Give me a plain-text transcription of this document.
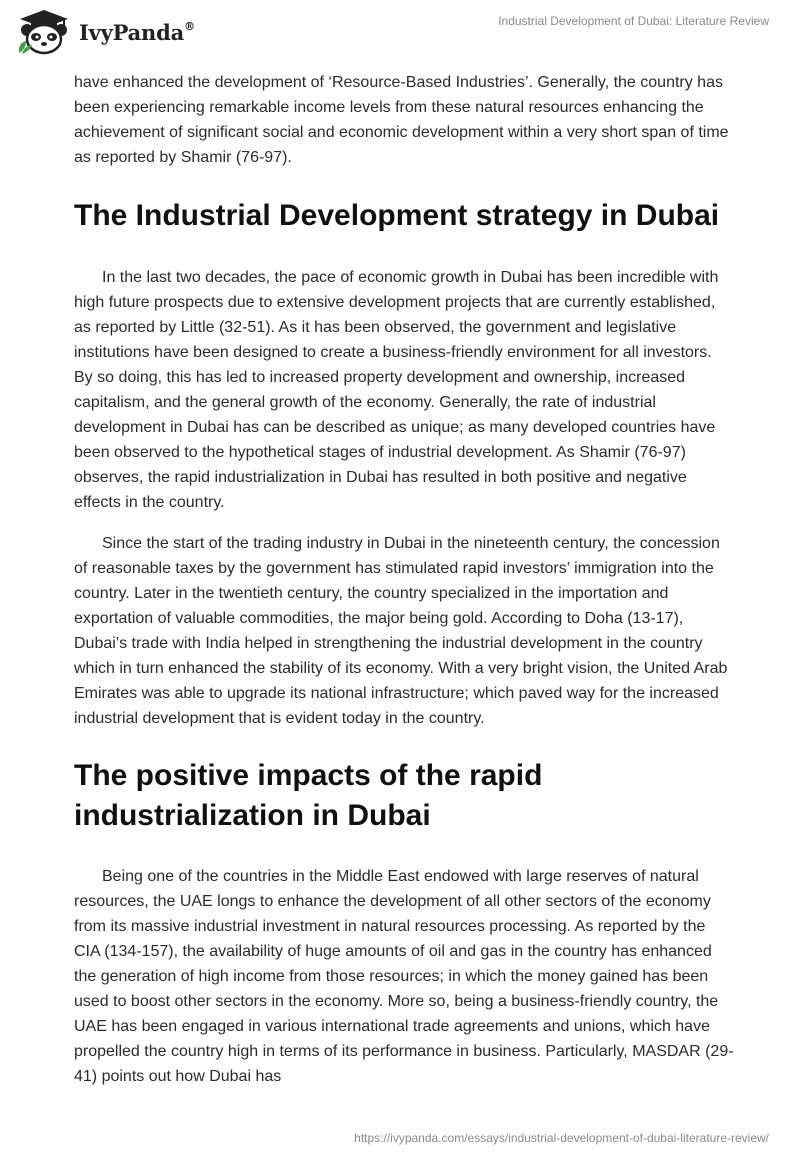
IvyPanda®	Industrial Development of Dubai: Literature Review

have enhanced the development of ‘Resource-Based Industries’. Generally, the country has been experiencing remarkable income levels from these natural resources enhancing the achievement of significant social and economic development within a very short span of time as reported by Shamir (76-97).

The Industrial Development strategy in Dubai

In the last two decades, the pace of economic growth in Dubai has been incredible with high future prospects due to extensive development projects that are currently established, as reported by Little (32-51). As it has been observed, the government and legislative institutions have been designed to create a business-friendly environment for all investors. By so doing, this has led to increased property development and ownership, increased capitalism, and the general growth of the economy. Generally, the rate of industrial development in Dubai has can be described as unique; as many developed countries have been observed to the hypothetical stages of industrial development. As Shamir (76-97) observes, the rapid industrialization in Dubai has resulted in both positive and negative effects in the country.

Since the start of the trading industry in Dubai in the nineteenth century, the concession of reasonable taxes by the government has stimulated rapid investors’ immigration into the country. Later in the twentieth century, the country specialized in the importation and exportation of valuable commodities, the major being gold. According to Doha (13-17), Dubai’s trade with India helped in strengthening the industrial development in the country which in turn enhanced the stability of its economy. With a very bright vision, the United Arab Emirates was able to upgrade its national infrastructure; which paved way for the increased industrial development that is evident today in the country.

The positive impacts of the rapid industrialization in Dubai

Being one of the countries in the Middle East endowed with large reserves of natural resources, the UAE longs to enhance the development of all other sectors of the economy from its massive industrial investment in natural resources processing. As reported by the CIA (134-157), the availability of huge amounts of oil and gas in the country has enhanced the generation of high income from those resources; in which the money gained has been used to boost other sectors in the economy. More so, being a business-friendly country, the UAE has been engaged in various international trade agreements and unions, which have propelled the country high in terms of its performance in business. Particularly, MASDAR (29-41) points out how Dubai has

https://ivypanda.com/essays/industrial-development-of-dubai-literature-review/
